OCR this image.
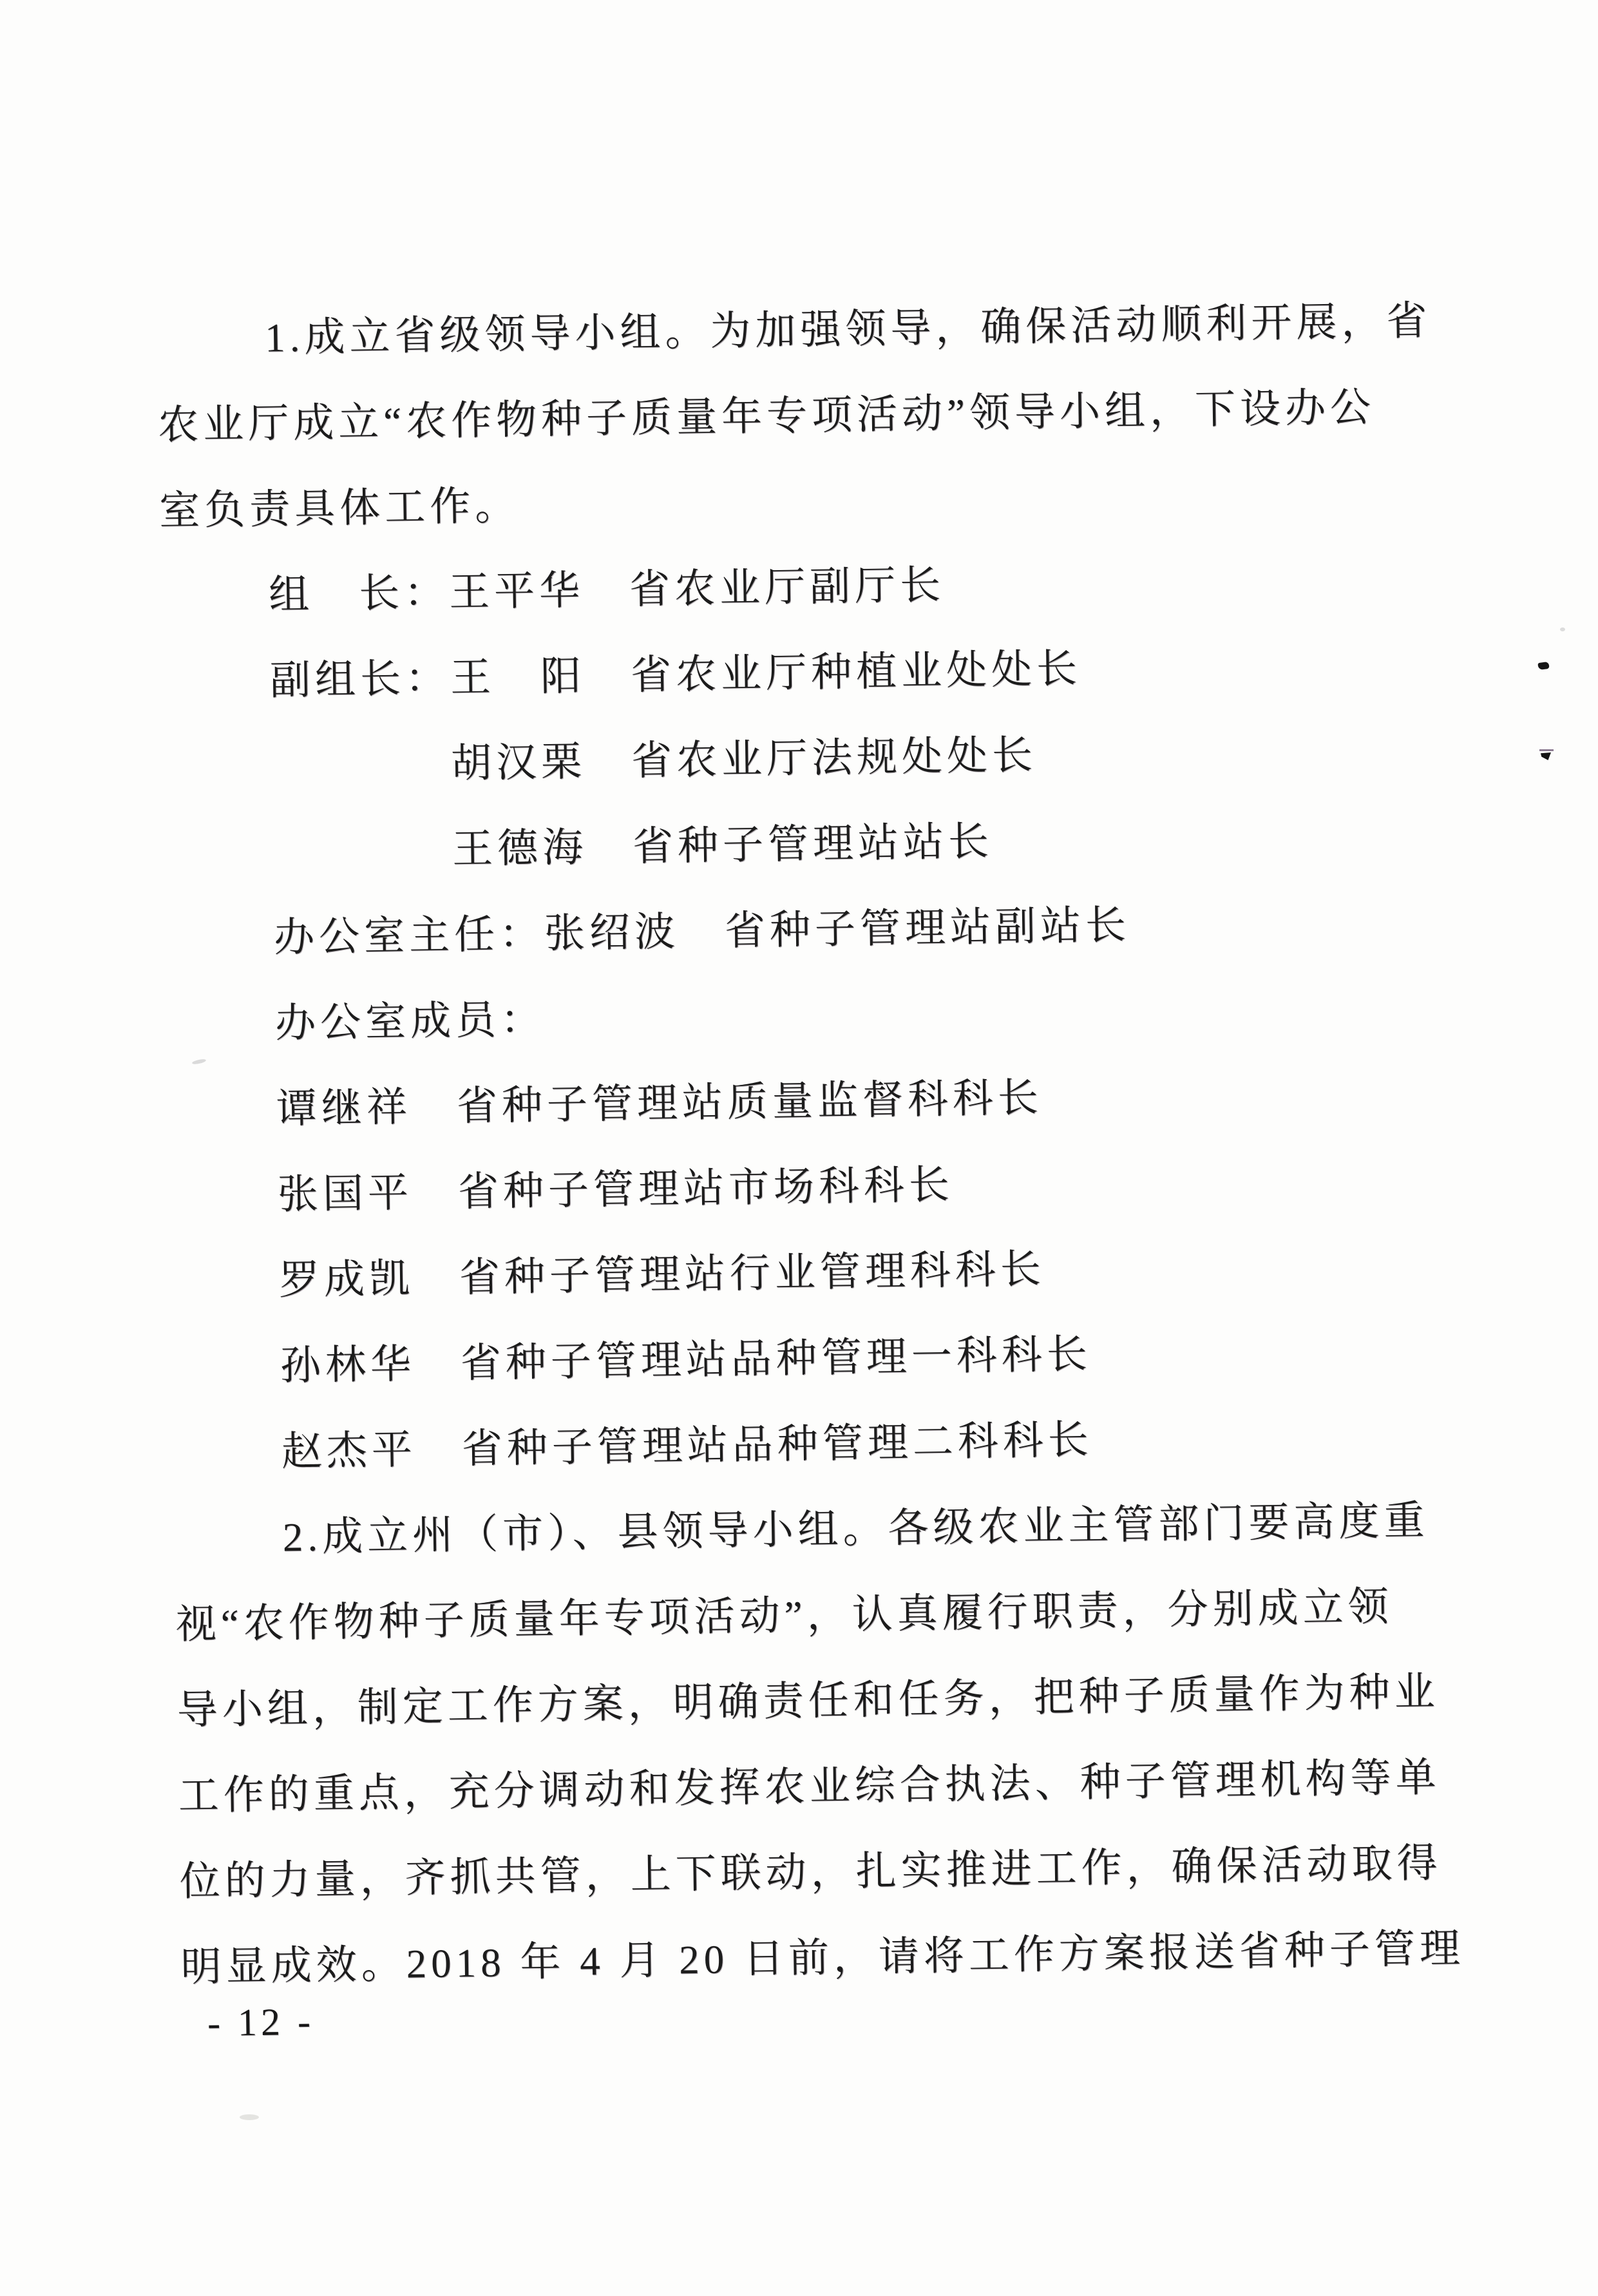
1.成立省级领导小组。为加强领导，确保活动顺利开展，省
农业厅成立“农作物种子质量年专项活动”领导小组，下设办公
室负责具体工作。
组　长：王平华　省农业厅副厅长
副组长：王　阳　省农业厅种植业处处长
胡汉栗　省农业厅法规处处长
王德海　省种子管理站站长
办公室主任：张绍波　省种子管理站副站长
办公室成员：
谭继祥　省种子管理站质量监督科科长
张国平　省种子管理站市场科科长
罗成凯　省种子管理站行业管理科科长
孙林华　省种子管理站品种管理一科科长
赵杰平　省种子管理站品种管理二科科长
2.成立州（市）、县领导小组。各级农业主管部门要高度重
视“农作物种子质量年专项活动”，认真履行职责，分别成立领
导小组，制定工作方案，明确责任和任务，把种子质量作为种业
工作的重点，充分调动和发挥农业综合执法、种子管理机构等单
位的力量，齐抓共管，上下联动，扎实推进工作，确保活动取得
明显成效。2018 年 4 月 20 日前，请将工作方案报送省种子管理
- 12 -
